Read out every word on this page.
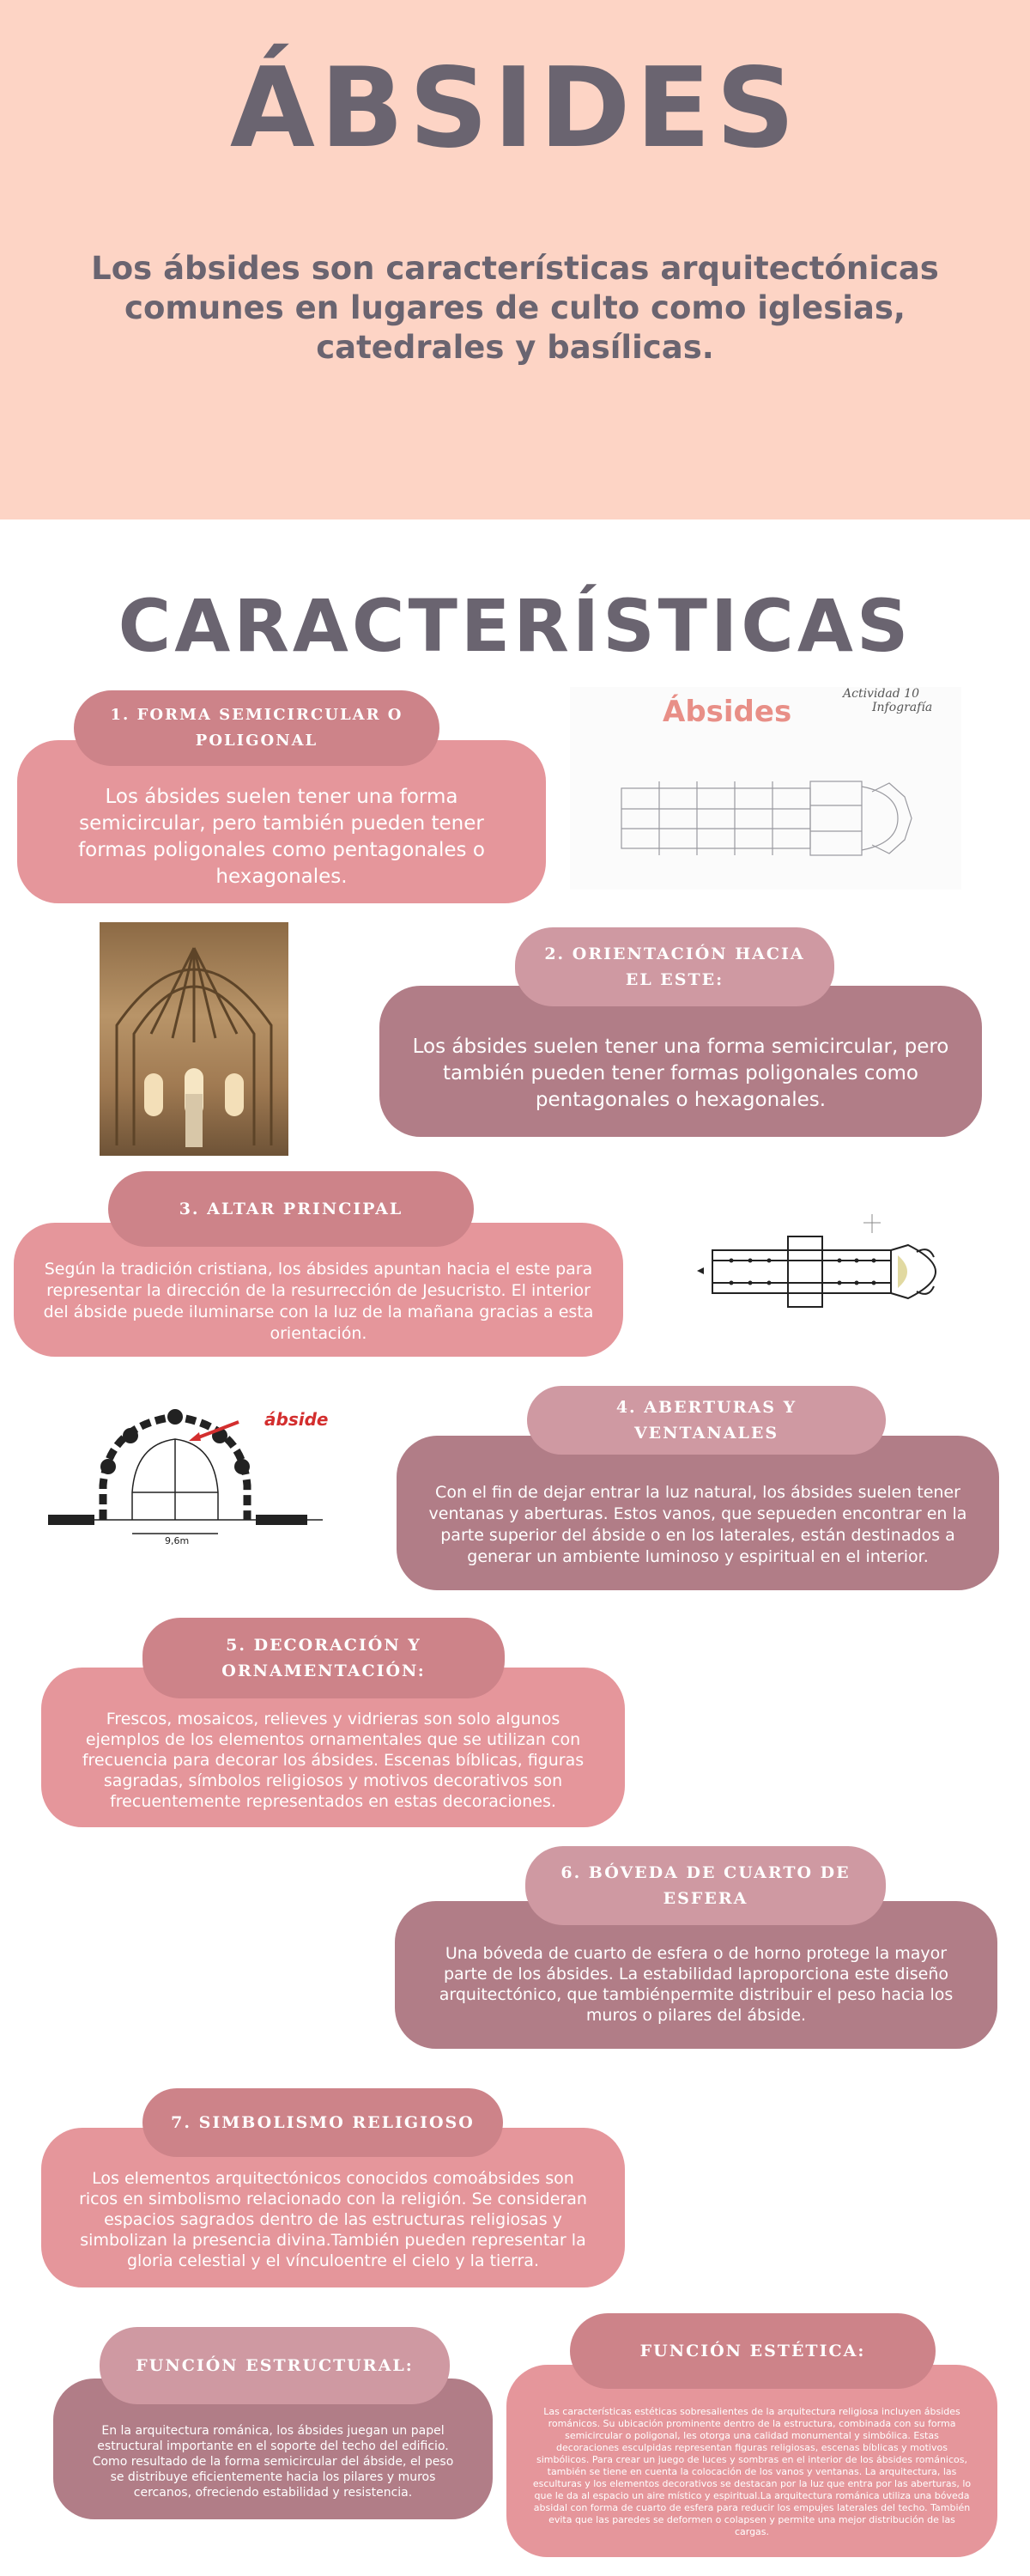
ÁBSIDES
Los ábsides son características arquitectónicas comunes en lugares de culto como iglesias, catedrales y basílicas.
CARACTERÍSTICAS
Los ábsides suelen tener una forma semicircular, pero también pueden tener formas poligonales como pentagonales o hexagonales.
1. FORMA SEMICIRCULAR O POLIGONAL
Ábsides
Actividad 10
Infografía
Los ábsides suelen tener una forma semicircular, pero también pueden tener formas poligonales como pentagonales o hexagonales.
2. ORIENTACIÓN HACIA EL ESTE:
Según la tradición cristiana, los ábsides apuntan hacia el este para representar la dirección de la resurrección de Jesucristo. El interior del ábside puede iluminarse con la luz de la mañana gracias a esta orientación.
3. ALTAR PRINCIPAL
ábside
9,6m
Con el fin de dejar entrar la luz natural, los ábsides suelen tener ventanas y aberturas. Estos vanos, que sepueden encontrar en la parte superior del ábside o en los laterales, están destinados a generar un ambiente luminoso y espiritual en el interior.
4. ABERTURAS Y VENTANALES
Frescos, mosaicos, relieves y vidrieras son solo algunos ejemplos de los elementos ornamentales que se utilizan con frecuencia para decorar los ábsides. Escenas bíblicas, figuras sagradas, símbolos religiosos y motivos decorativos son frecuentemente representados en estas decoraciones.
5. DECORACIÓN Y ORNAMENTACIÓN:
Una bóveda de cuarto de esfera o de horno protege la mayor parte de los ábsides. La estabilidad laproporciona este diseño arquitectónico, que tambiénpermite distribuir el peso hacia los muros o pilares del ábside.
6. BÓVEDA DE CUARTO DE ESFERA
Los elementos arquitectónicos conocidos comoábsides son ricos en simbolismo relacionado con la religión. Se consideran espacios sagrados dentro de las estructuras religiosas y simbolizan la presencia divina.También pueden representar la gloria celestial y el vínculoentre el cielo y la tierra.
7. SIMBOLISMO RELIGIOSO
En la arquitectura románica, los ábsides juegan un papel estructural importante en el soporte del techo del edificio. Como resultado de la forma semicircular del ábside, el peso se distribuye eficientemente hacia los pilares y muros cercanos, ofreciendo estabilidad y resistencia.
FUNCIÓN ESTRUCTURAL:
Las características estéticas sobresalientes de la arquitectura religiosa incluyen ábsides románicos. Su ubicación prominente dentro de la estructura, combinada con su forma semicircular o poligonal, les otorga una calidad monumental y simbólica. Estas decoraciones esculpidas representan figuras religiosas, escenas bíblicas y motivos simbólicos. Para crear un juego de luces y sombras en el interior de los ábsides románicos, también se tiene en cuenta la colocación de los vanos y ventanas. La arquitectura, las esculturas y los elementos decorativos se destacan por la luz que entra por las aberturas, lo que le da al espacio un aire místico y espiritual.La arquitectura románica utiliza una bóveda absidal con forma de cuarto de esfera para reducir los empujes laterales del techo. También evita que las paredes se deformen o colapsen y permite una mejor distribución de las cargas.
FUNCIÓN ESTÉTICA:
